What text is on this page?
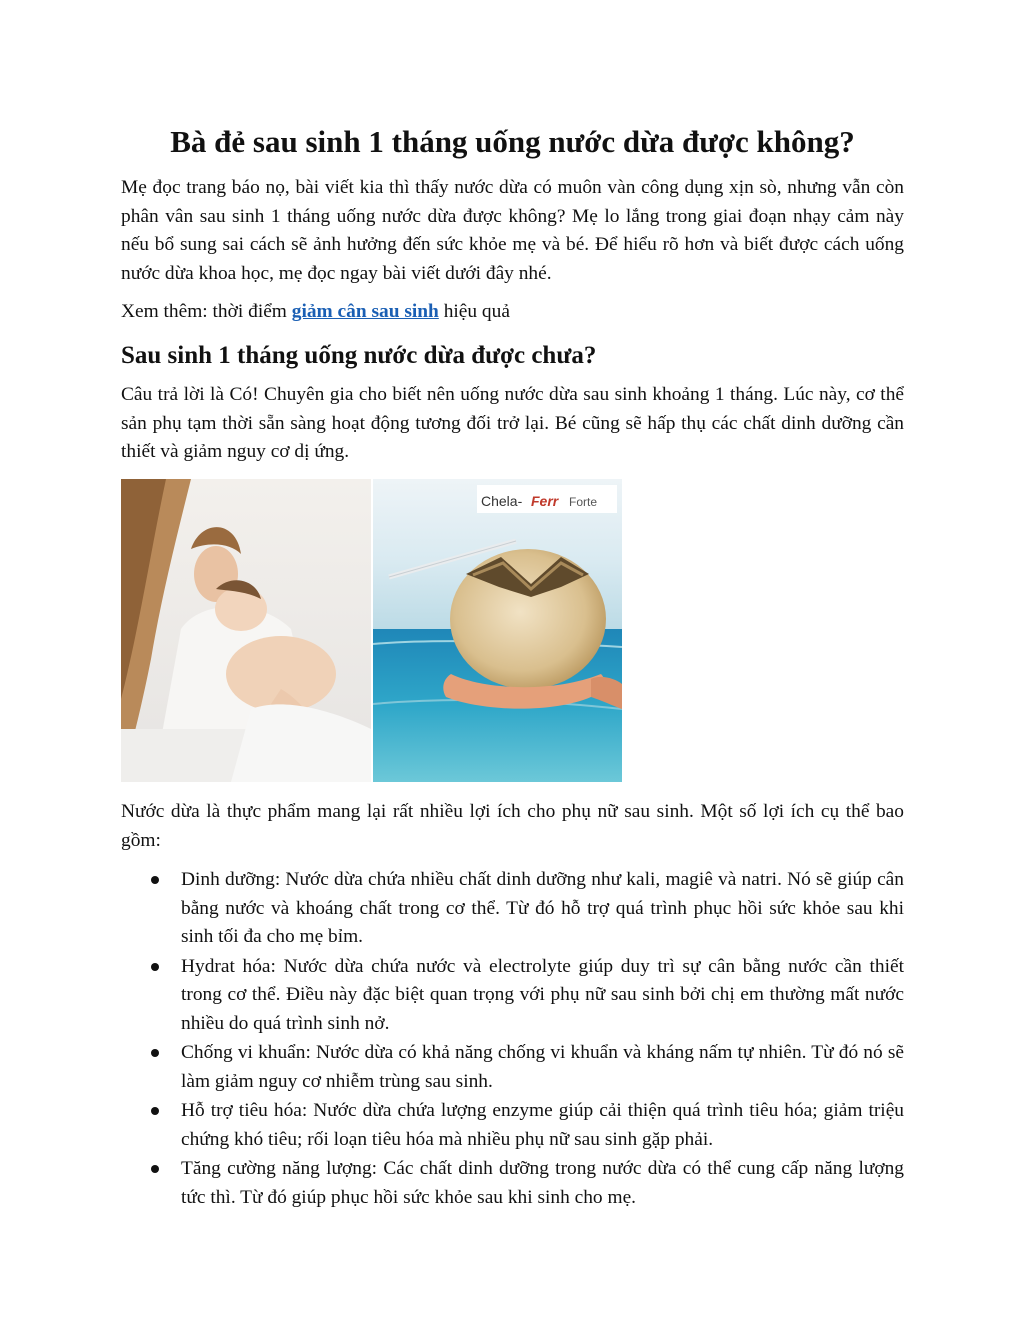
Bà đẻ sau sinh 1 tháng uống nước dừa được không?

Mẹ đọc trang báo nọ, bài viết kia thì thấy nước dừa có muôn vàn công dụng xịn sò, nhưng vẫn còn phân vân sau sinh 1 tháng uống nước dừa được không? Mẹ lo lắng trong giai đoạn nhạy cảm này nếu bổ sung sai cách sẽ ảnh hưởng đến sức khỏe mẹ và bé. Để hiểu rõ hơn và biết được cách uống nước dừa khoa học, mẹ đọc ngay bài viết dưới đây nhé.

Xem thêm: thời điểm giảm cân sau sinh hiệu quả

Sau sinh 1 tháng uống nước dừa được chưa?

Câu trả lời là Có! Chuyên gia cho biết nên uống nước dừa sau sinh khoảng 1 tháng. Lúc này, cơ thể sản phụ tạm thời sẵn sàng hoạt động tương đối trở lại. Bé cũng sẽ hấp thụ các chất dinh dưỡng cần thiết và giảm nguy cơ dị ứng.

Chela- Ferr Forte

Nước dừa là thực phẩm mang lại rất nhiều lợi ích cho phụ nữ sau sinh. Một số lợi ích cụ thể bao gồm:

Dinh dưỡng: Nước dừa chứa nhiều chất dinh dưỡng như kali, magiê và natri. Nó sẽ giúp cân bằng nước và khoáng chất trong cơ thể. Từ đó hỗ trợ quá trình phục hồi sức khỏe sau khi sinh tối đa cho mẹ bỉm.
Hydrat hóa: Nước dừa chứa nước và electrolyte giúp duy trì sự cân bằng nước cần thiết trong cơ thể. Điều này đặc biệt quan trọng với phụ nữ sau sinh bởi chị em thường mất nước nhiều do quá trình sinh nở.
Chống vi khuẩn: Nước dừa có khả năng chống vi khuẩn và kháng nấm tự nhiên. Từ đó nó sẽ làm giảm nguy cơ nhiễm trùng sau sinh.
Hỗ trợ tiêu hóa: Nước dừa chứa lượng enzyme giúp cải thiện quá trình tiêu hóa; giảm triệu chứng khó tiêu; rối loạn tiêu hóa mà nhiều phụ nữ sau sinh gặp phải.
Tăng cường năng lượng: Các chất dinh dưỡng trong nước dừa có thể cung cấp năng lượng tức thì. Từ đó giúp phục hồi sức khỏe sau khi sinh cho mẹ.
